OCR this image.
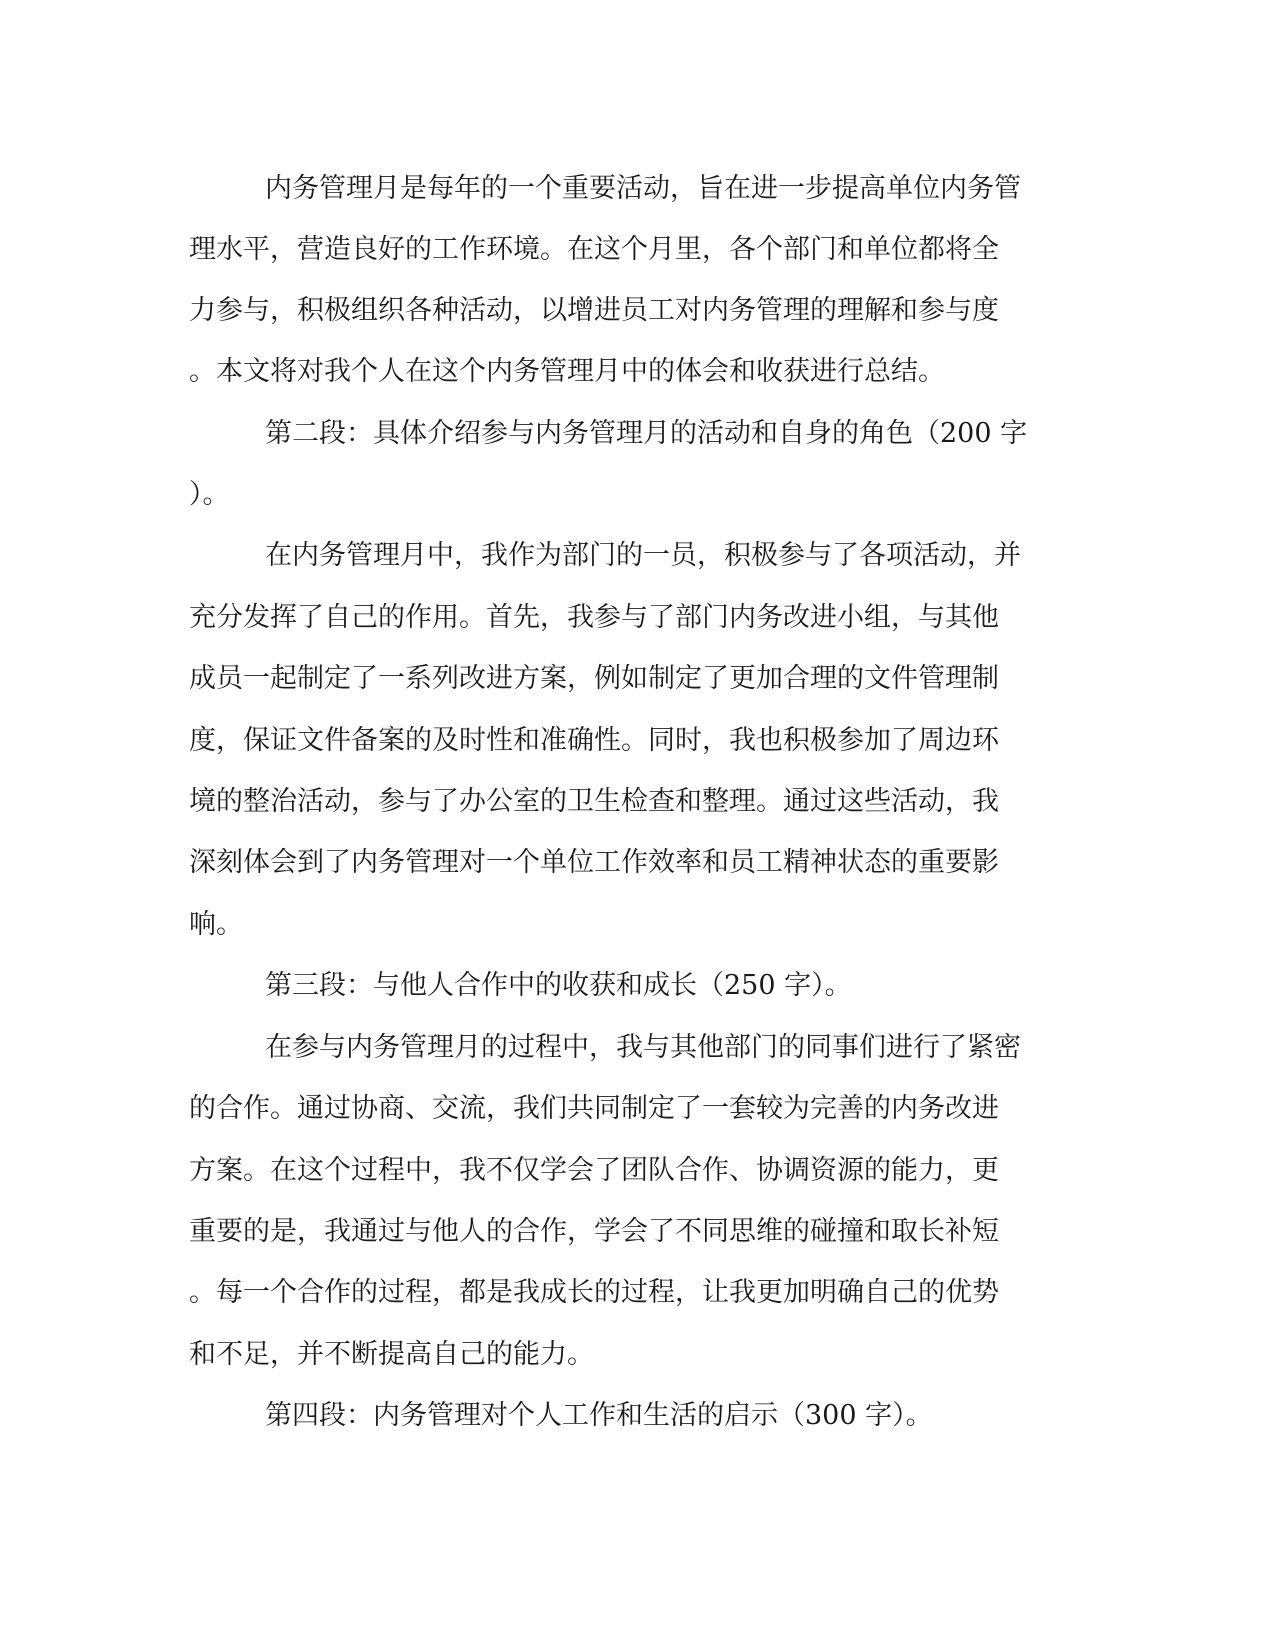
内务管理月是每年的一个重要活动，旨在进一步提高单位内务管

理水平，营造良好的工作环境。在这个月里，各个部门和单位都将全

力参与，积极组织各种活动，以增进员工对内务管理的理解和参与度

。本文将对我个人在这个内务管理月中的体会和收获进行总结。

第二段：具体介绍参与内务管理月的活动和自身的角色（200 字

）。

在内务管理月中，我作为部门的一员，积极参与了各项活动，并

充分发挥了自己的作用。首先，我参与了部门内务改进小组，与其他

成员一起制定了一系列改进方案，例如制定了更加合理的文件管理制

度，保证文件备案的及时性和准确性。同时，我也积极参加了周边环

境的整治活动，参与了办公室的卫生检查和整理。通过这些活动，我

深刻体会到了内务管理对一个单位工作效率和员工精神状态的重要影

响。

第三段：与他人合作中的收获和成长（250 字）。

在参与内务管理月的过程中，我与其他部门的同事们进行了紧密

的合作。通过协商、交流，我们共同制定了一套较为完善的内务改进

方案。在这个过程中，我不仅学会了团队合作、协调资源的能力，更

重要的是，我通过与他人的合作，学会了不同思维的碰撞和取长补短

。每一个合作的过程，都是我成长的过程，让我更加明确自己的优势

和不足，并不断提高自己的能力。

第四段：内务管理对个人工作和生活的启示（300 字）。
